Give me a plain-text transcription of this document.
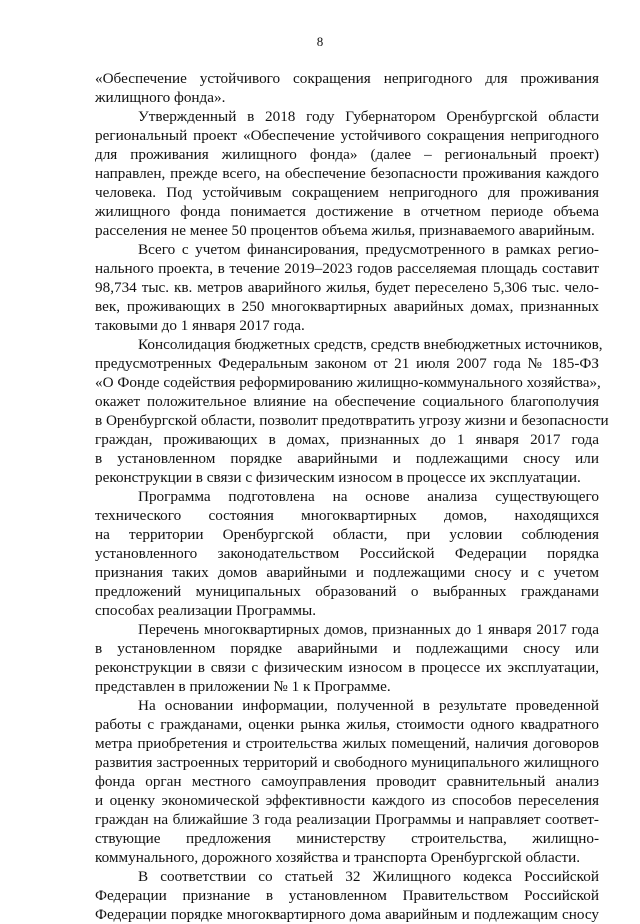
8
«Обеспечение устойчивого сокращения непригодного для проживания
жилищного фонда».
Утвержденный в 2018 году Губернатором Оренбургской области
региональный проект «Обеспечение устойчивого сокращения непригодного
для проживания жилищного фонда» (далее – региональный проект)
направлен, прежде всего, на обеспечение безопасности проживания каждого
человека. Под устойчивым сокращением непригодного для проживания
жилищного фонда понимается достижение в отчетном периоде объема
расселения не менее 50 процентов объема жилья, признаваемого аварийным.
Всего с учетом финансирования, предусмотренного в рамках регио-
нального проекта, в течение 2019–2023 годов расселяемая площадь составит
98,734 тыс. кв. метров аварийного жилья, будет переселено 5,306 тыс. чело-
век, проживающих в 250 многоквартирных аварийных домах, признанных
таковыми до 1 января 2017 года.
Консолидация бюджетных средств, средств внебюджетных источников,
предусмотренных Федеральным законом от 21 июля 2007 года № 185-ФЗ
«О Фонде содействия реформированию жилищно-коммунального хозяйства»,
окажет положительное влияние на обеспечение социального благополучия
в Оренбургской области, позволит предотвратить угрозу жизни и безопасности
граждан, проживающих в домах, признанных до 1 января 2017 года
в установленном порядке аварийными и подлежащими сносу или
реконструкции в связи с физическим износом в процессе их эксплуатации.
Программа подготовлена на основе анализа существующего
технического состояния многоквартирных домов, находящихся
на территории Оренбургской области, при условии соблюдения
установленного законодательством Российской Федерации порядка
признания таких домов аварийными и подлежащими сносу и с учетом
предложений муниципальных образований о выбранных гражданами
способах реализации Программы.
Перечень многоквартирных домов, признанных до 1 января 2017 года
в установленном порядке аварийными и подлежащими сносу или
реконструкции в связи с физическим износом в процессе их эксплуатации,
представлен в приложении № 1 к Программе.
На основании информации, полученной в результате проведенной
работы с гражданами, оценки рынка жилья, стоимости одного квадратного
метра приобретения и строительства жилых помещений, наличия договоров
развития застроенных территорий и свободного муниципального жилищного
фонда орган местного самоуправления проводит сравнительный анализ
и оценку экономической эффективности каждого из способов переселения
граждан на ближайшие 3 года реализации Программы и направляет соответ-
ствующие предложения министерству строительства, жилищно-
коммунального, дорожного хозяйства и транспорта Оренбургской области.
В соответствии со статьей 32 Жилищного кодекса Российской
Федерации признание в установленном Правительством Российской
Федерации порядке многоквартирного дома аварийным и подлежащим сносу
